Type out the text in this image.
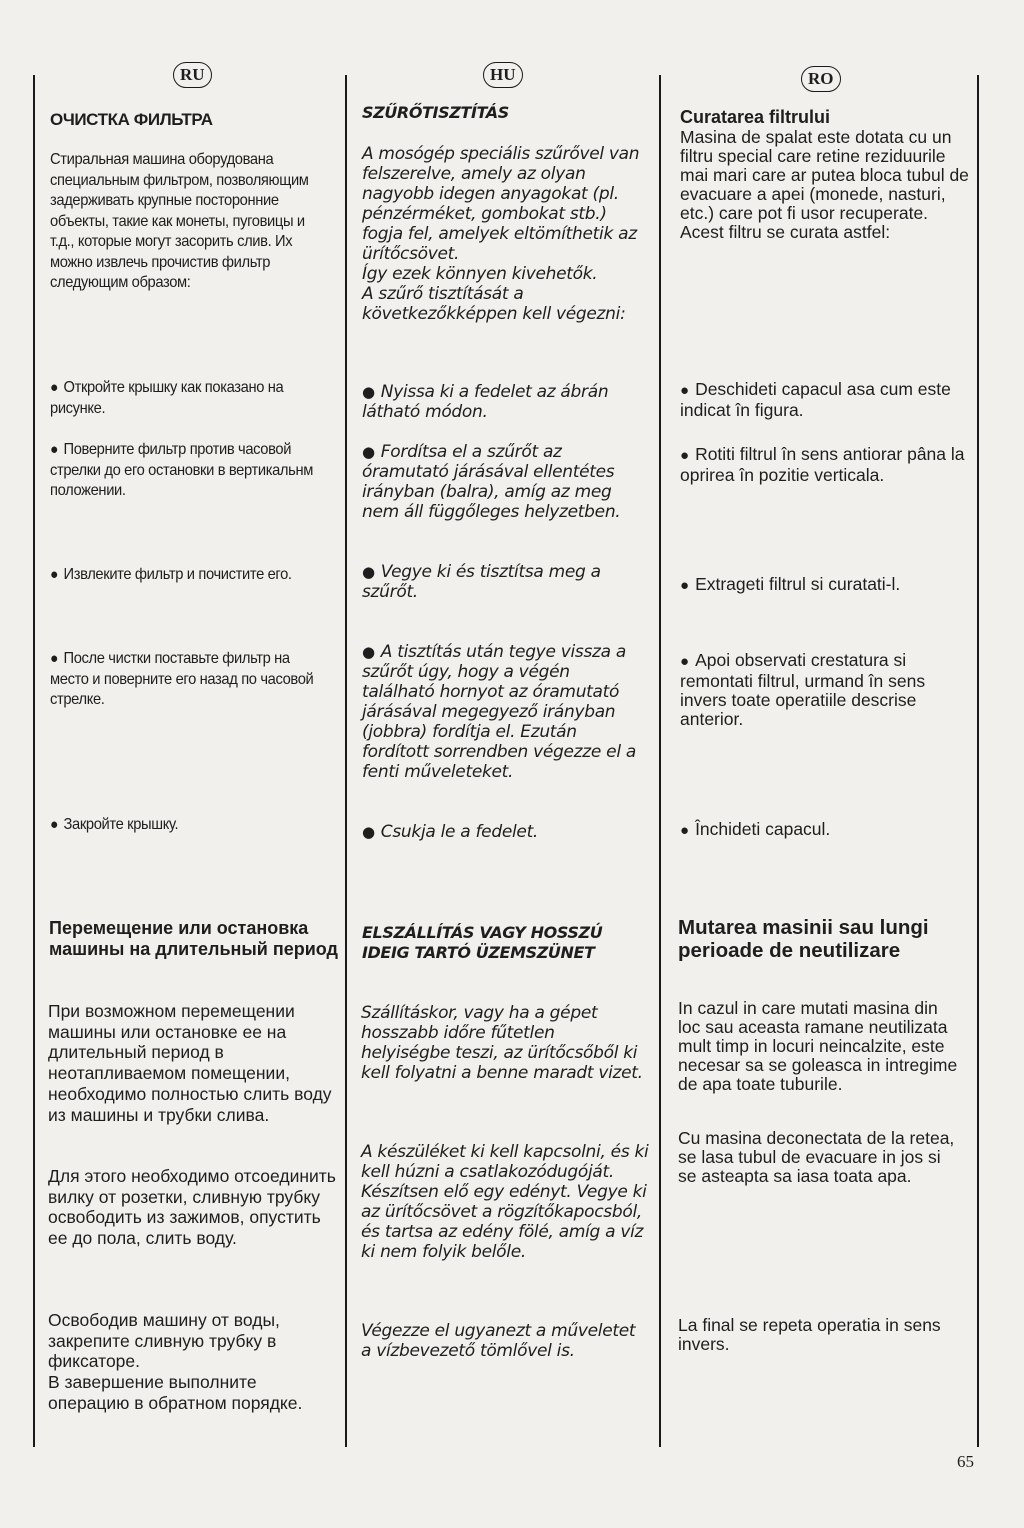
RU
ОЧИСТКА ФИЛЬТРА
Стиральная машина оборудована специальным фильтром, позволяющим задерживать крупные посторонние объекты, такие как монеты, пуговицы и т.д., которые могут засорить слив. Их можно извлечь прочистив фильтр следующим образом:
● Откройте крышку как показано на рисунке.
● Поверните фильтр против часовой стрелки до его остановки в вертикальнм положении.
● Извлеките фильтр и почистите его.
● После чистки поставьте фильтр на место и поверните его назад по часовой стрелке.
● Закройте крышку.
Перемещение или остановка машины на длительный период
При возможном перемещении машины или остановке ее на длительный период в неотапливаемом помещении, необходимо полностью слить воду из машины и трубки слива.
Для этого необходимо отсоединить вилку от розетки, сливную трубку освободить из зажимов, опустить ее до пола, слить воду.
Освободив машину от воды, закрепите сливную трубку в фиксаторе.
В завершение выполните операцию в обратном порядке.
HU
SZŰRŐTISZTÍTÁS
A mosógép speciális szűrővel van felszerelve, amely az olyan nagyobb idegen anyagokat (pl. pénzérméket, gombokat stb.) fogja fel, amelyek eltömíthetik az ürítőcsövet.
Így ezek könnyen kivehetők.
A szűrő tisztítását a következőkképpen kell végezni:
● Nyissa ki a fedelet az ábrán látható módon.
● Fordítsa el a szűrőt az óramutató járásával ellentétes irányban (balra), amíg az meg nem áll függőleges helyzetben.
● Vegye ki és tisztítsa meg a szűrőt.
● A tisztítás után tegye vissza a szűrőt úgy, hogy a végén található hornyot az óramutató járásával megegyező irányban (jobbra) fordítja el. Ezután fordított sorrendben végezze el a fenti műveleteket.
● Csukja le a fedelet.
ELSZÁLLÍTÁS VAGY HOSSZÚ IDEIG TARTÓ ÜZEMSZÜNET
Szállításkor, vagy ha a gépet hosszabb időre fűtetlen helyiségbe teszi, az ürítőcsőből ki kell folyatni a benne maradt vizet.
A készüléket ki kell kapcsolni, és ki kell húzni a csatlakozódugóját. Készítsen elő egy edényt. Vegye ki az ürítőcsövet a rögzítőkapocsból, és tartsa az edény fölé, amíg a víz ki nem folyik belőle.
Végezze el ugyanezt a műveletet a vízbevezető tömlővel is.
RO
Curatarea filtrului
Masina de spalat este dotata cu un filtru special care retine reziduurile mai mari care ar putea bloca tubul de evacuare a apei (monede, nasturi, etc.) care pot fi usor recuperate. Acest filtru se curata astfel:
● Deschideti capacul asa cum este indicat în figura.
● Rotiti filtrul în sens antiorar pâna la oprirea în pozitie verticala.
● Extrageti filtrul si curatati-l.
● Apoi observati crestatura si remontati filtrul, urmand în sens invers toate operatiile descrise anterior.
● Închideti capacul.
Mutarea masinii sau lungi perioade de neutilizare
In cazul in care mutati masina din loc sau aceasta ramane neutilizata mult timp in locuri neincalzite, este necesar sa se goleasca in intregime de apa toate tuburile.
Cu masina deconectata de la retea, se lasa tubul de evacuare in jos si se asteapta sa iasa toata apa.
La final se repeta operatia in sens invers.
65
